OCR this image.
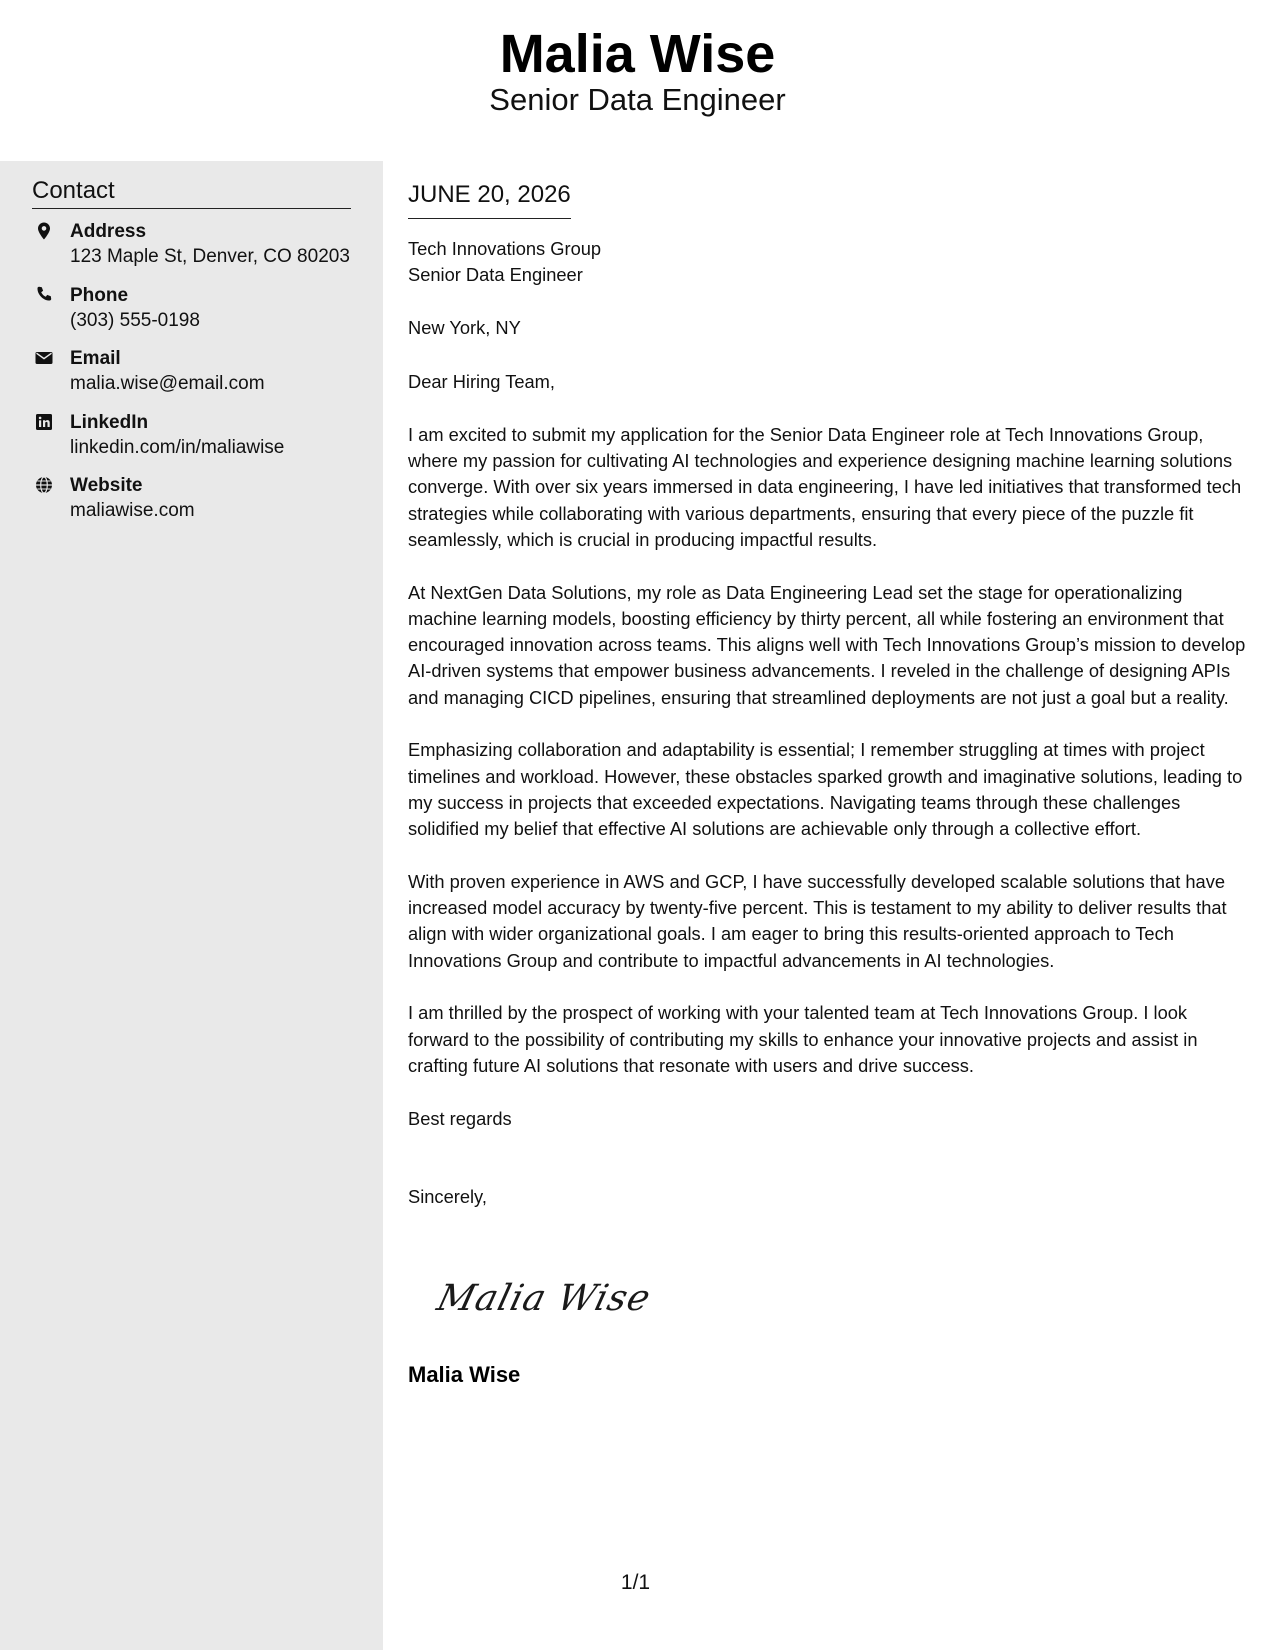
Malia Wise
Senior Data Engineer
Contact
Address
123 Maple St, Denver, CO 80203
Phone
(303) 555-0198
Email
malia.wise@email.com
LinkedIn
linkedin.com/in/maliawise
Website
maliawise.com
JUNE 20, 2026

Tech Innovations Group

Senior Data Engineer

New York, NY

Dear Hiring Team,

I am excited to submit my application for the Senior Data Engineer role at Tech Innovations Group, where my passion for cultivating AI technologies and experience designing machine learning solutions converge. With over six years immersed in data engineering, I have led initiatives that transformed tech strategies while collaborating with various departments, ensuring that every piece of the puzzle fit seamlessly, which is crucial in producing impactful results.

At NextGen Data Solutions, my role as Data Engineering Lead set the stage for operationalizing machine learning models, boosting efficiency by thirty percent, all while fostering an environment that encouraged innovation across teams. This aligns well with Tech Innovations Group’s mission to develop AI-driven systems that empower business advancements. I reveled in the challenge of designing APIs and managing CICD pipelines, ensuring that streamlined deployments are not just a goal but a reality.

Emphasizing collaboration and adaptability is essential; I remember struggling at times with project timelines and workload. However, these obstacles sparked growth and imaginative solutions, leading to my success in projects that exceeded expectations. Navigating teams through these challenges solidified my belief that effective AI solutions are achievable only through a collective effort.

With proven experience in AWS and GCP, I have successfully developed scalable solutions that have increased model accuracy by twenty-five percent. This is testament to my ability to deliver results that align with wider organizational goals. I am eager to bring this results-oriented approach to Tech Innovations Group and contribute to impactful advancements in AI technologies.

I am thrilled by the prospect of working with your talented team at Tech Innovations Group. I look forward to the possibility of contributing my skills to enhance your innovative projects and assist in crafting future AI solutions that resonate with users and drive success.

Best regards

Sincerely,

Malia Wise
Malia Wise
1/1
